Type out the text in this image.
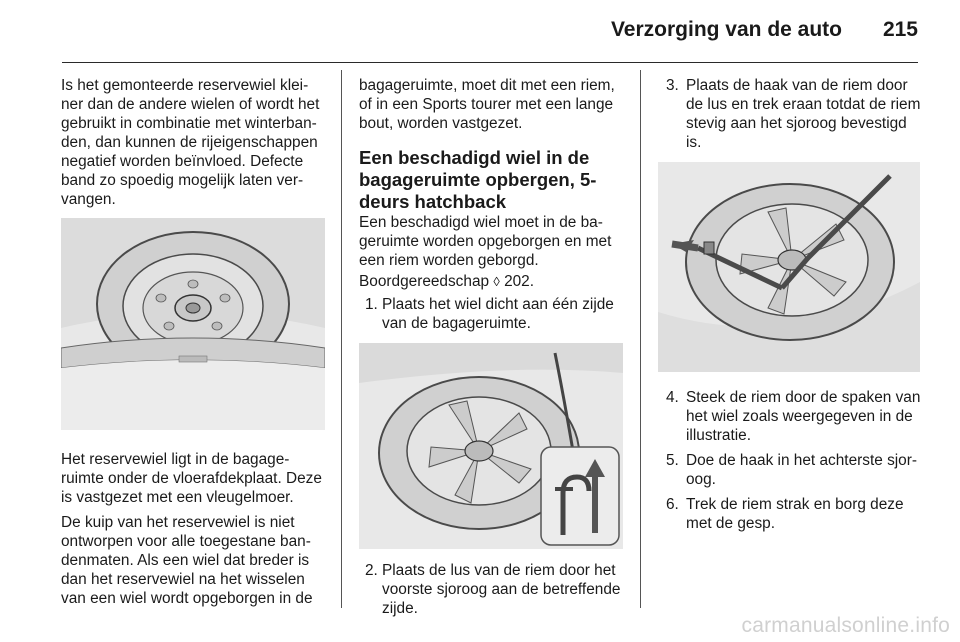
Verzorging van de auto 215

Is het gemonteerde reservewiel kleiner dan de andere wielen of wordt het gebruikt in combinatie met winterbanden, dan kunnen de rijeigenschappen negatief worden beïnvloed. Defecte band zo spoedig mogelijk laten vervangen.

Het reservewiel ligt in de bagageruimte onder de vloerafdekplaat. Deze is vastgezet met een vleugelmoer.

De kuip van het reservewiel is niet ontworpen voor alle toegestane bandenmaten. Als een wiel dat breder is dan het reservewiel na het wisselen van een wiel wordt opgeborgen in de

bagageruimte, moet dit met een riem, of in een Sports tourer met een lange bout, worden vastgezet.

Een beschadigd wiel in de bagageruimte opbergen, 5-deurs hatchback

Een beschadigd wiel moet in de bageruimte worden opgeborgen en met een riem worden geborgd.

Boordgereedschap ◊ 202.

1. Plaats het wiel dicht aan één zijde van de bagageruimte.
2. Plaats de lus van de riem door het voorste sjoroog aan de betreffende zijde.
3. Plaats de haak van de riem door de lus en trek eraan totdat de riem stevig aan het sjoroog bevestigd is.
4. Steek de riem door de spaken van het wiel zoals weergegeven in de illustratie.
5. Doe de haak in het achterste sjoroog.
6. Trek de riem strak en borg deze met de gesp.
carmanualsonline.info
